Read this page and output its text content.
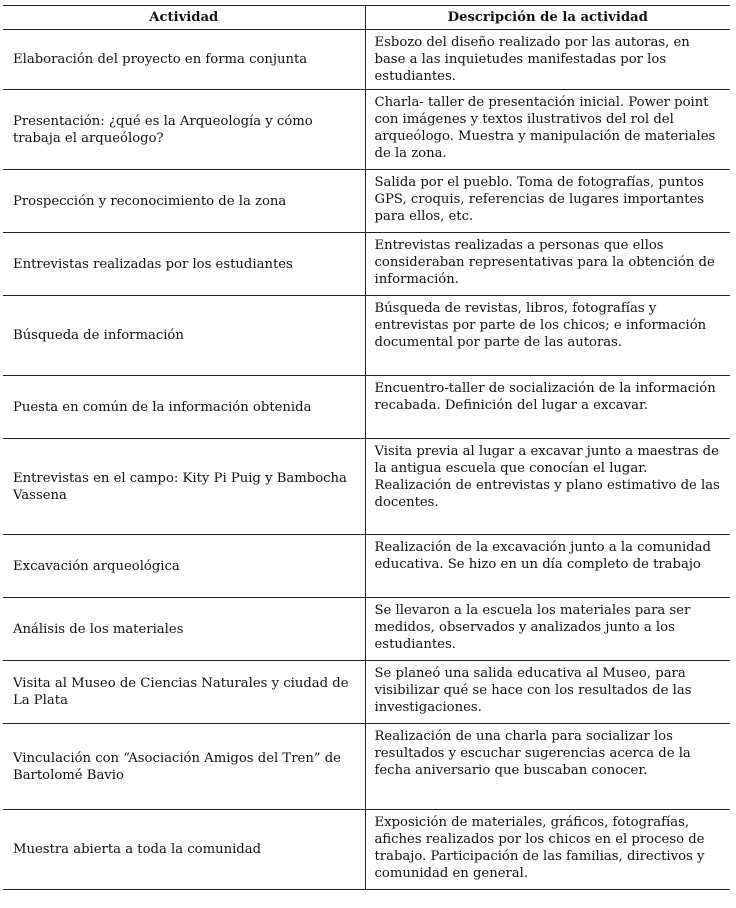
Actividad	Descripción de la actividad

Elaboración del proyecto en forma conjunta	Esbozo del diseño realizado por las autoras, en base a las inquietudes manifestadas por los estudiantes.

Presentación: ¿qué es la Arqueología y cómo trabaja el arqueólogo?	Charla- taller de presentación inicial. Power point con imágenes y textos ilustrativos del rol del arqueólogo. Muestra y manipulación de materiales de la zona.

Prospección y reconocimiento de la zona	Salida por el pueblo. Toma de fotografías, puntos GPS, croquis, referencias de lugares importantes para ellos, etc.

Entrevistas realizadas por los estudiantes	Entrevistas realizadas a personas que ellos consideraban representativas para la obtención de información.

Búsqueda de información	Búsqueda de revistas, libros, fotografías y entrevistas por parte de los chicos; e información documental por parte de las autoras.

Puesta en común de la información obtenida	Encuentro-taller de socialización de la información recabada. Definición del lugar a excavar.

Entrevistas en el campo: Kity Pi Puig y Bambocha Vassena	Visita previa al lugar a excavar junto a maestras de la antigua escuela que conocían el lugar. Realización de entrevistas y plano estimativo de las docentes.

Excavación arqueológica	Realización de la excavación junto a la comunidad educativa. Se hizo en un día completo de trabajo

Análisis de los materiales	Se llevaron a la escuela los materiales para ser medidos, observados y analizados junto a los estudiantes.

Visita al Museo de Ciencias Naturales y ciudad de La Plata	Se planeó una salida educativa al Museo, para visibilizar qué se hace con los resultados de las investigaciones.

Vinculación con “Asociación Amigos del Tren” de Bartolomé Bavio	Realización de una charla para socializar los resultados y escuchar sugerencias acerca de la fecha aniversario que buscaban conocer.

Muestra abierta a toda la comunidad	Exposición de materiales, gráficos, fotografías, afiches realizados por los chicos en el proceso de trabajo. Participación de las familias, directivos y comunidad en general.
